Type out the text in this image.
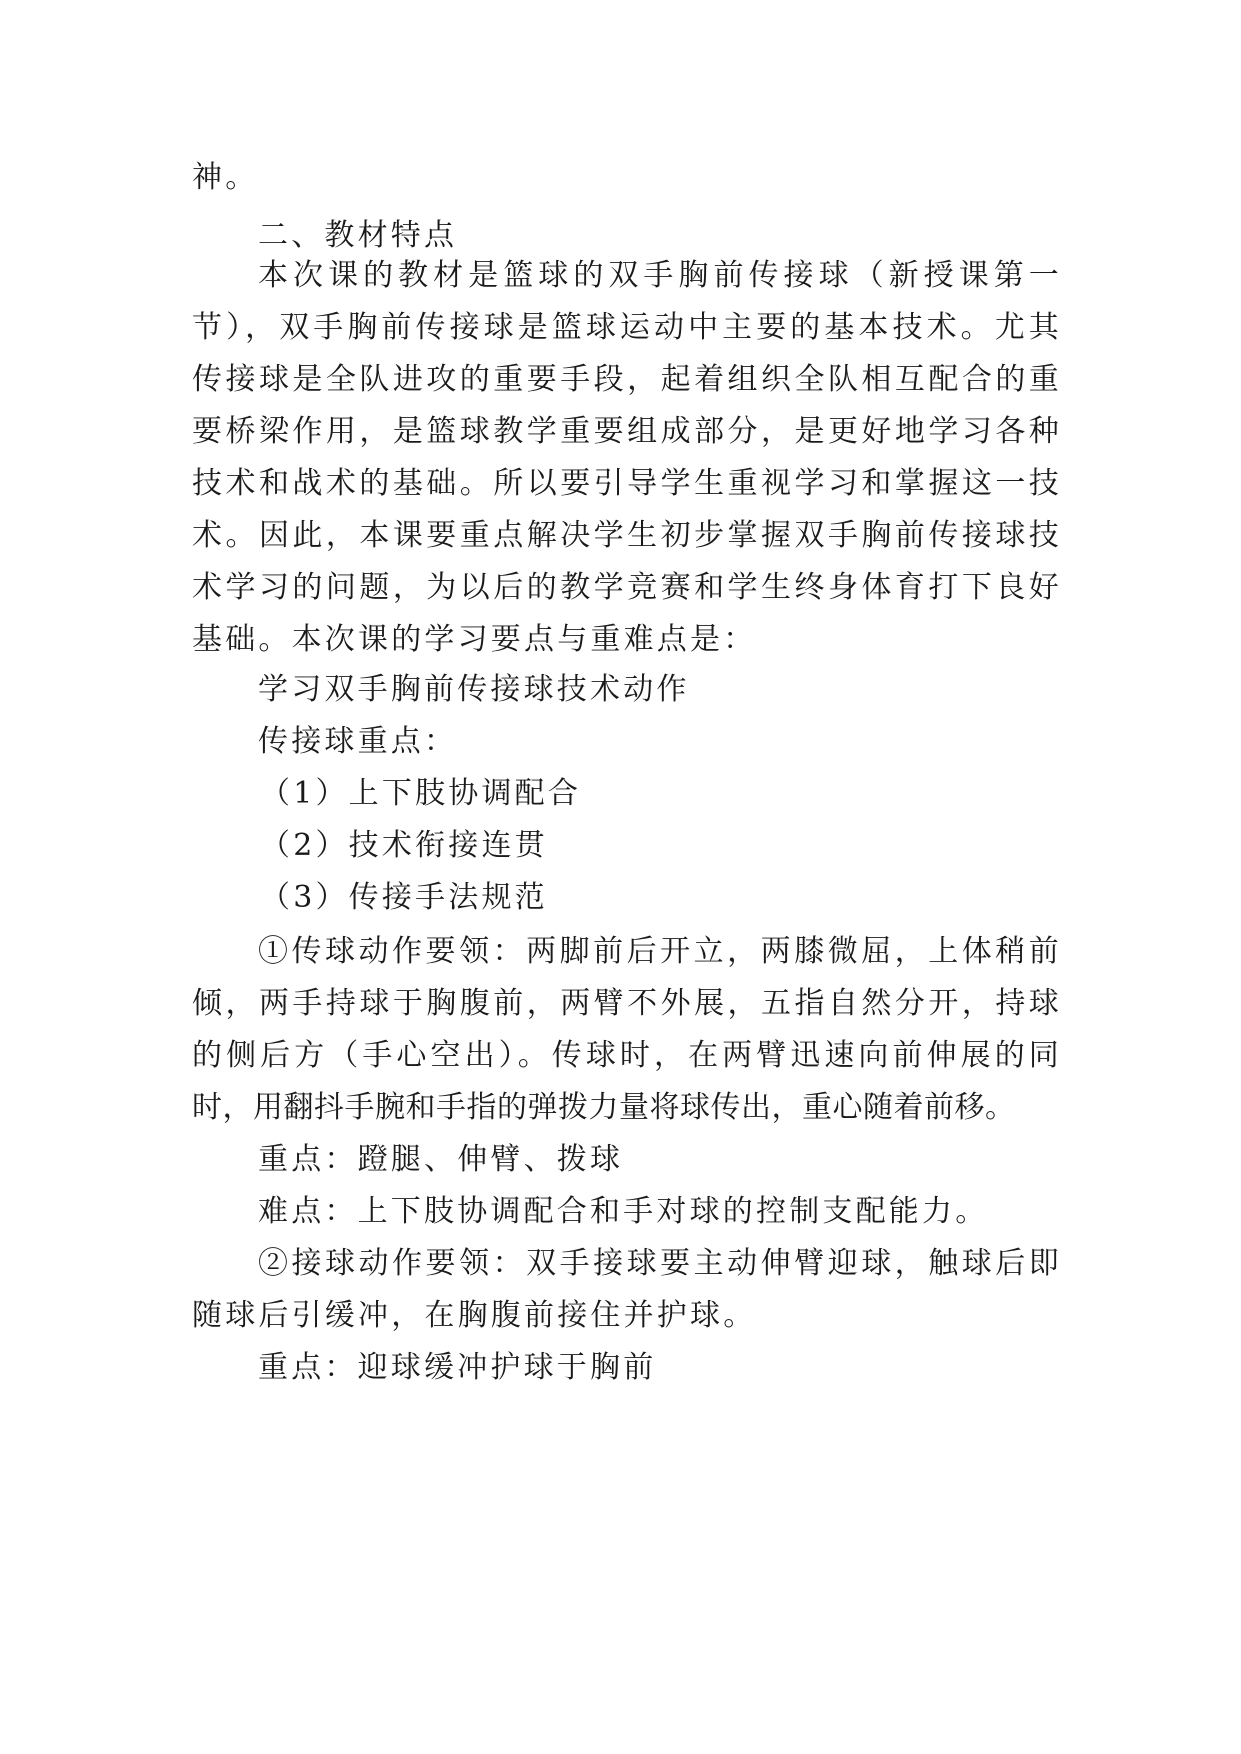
神。
二、教材特点
本次课的教材是篮球的双手胸前传接球（新授课第一
节），双手胸前传接球是篮球运动中主要的基本技术。尤其
传接球是全队进攻的重要手段，起着组织全队相互配合的重
要桥梁作用，是篮球教学重要组成部分，是更好地学习各种
技术和战术的基础。所以要引导学生重视学习和掌握这一技
术。因此，本课要重点解决学生初步掌握双手胸前传接球技
术学习的问题，为以后的教学竞赛和学生终身体育打下良好
基础。本次课的学习要点与重难点是：
学习双手胸前传接球技术动作
传接球重点：
（1）上下肢协调配合
（2）技术衔接连贯
（3）传接手法规范
①传球动作要领：两脚前后开立，两膝微屈，上体稍前
倾，两手持球于胸腹前，两臂不外展，五指自然分开，持球
的侧后方（手心空出）。传球时，在两臂迅速向前伸展的同
时，用翻抖手腕和手指的弹拨力量将球传出，重心随着前移。
重点：蹬腿、伸臂、拨球
难点：上下肢协调配合和手对球的控制支配能力。
②接球动作要领：双手接球要主动伸臂迎球，触球后即
随球后引缓冲，在胸腹前接住并护球。
重点：迎球缓冲护球于胸前
